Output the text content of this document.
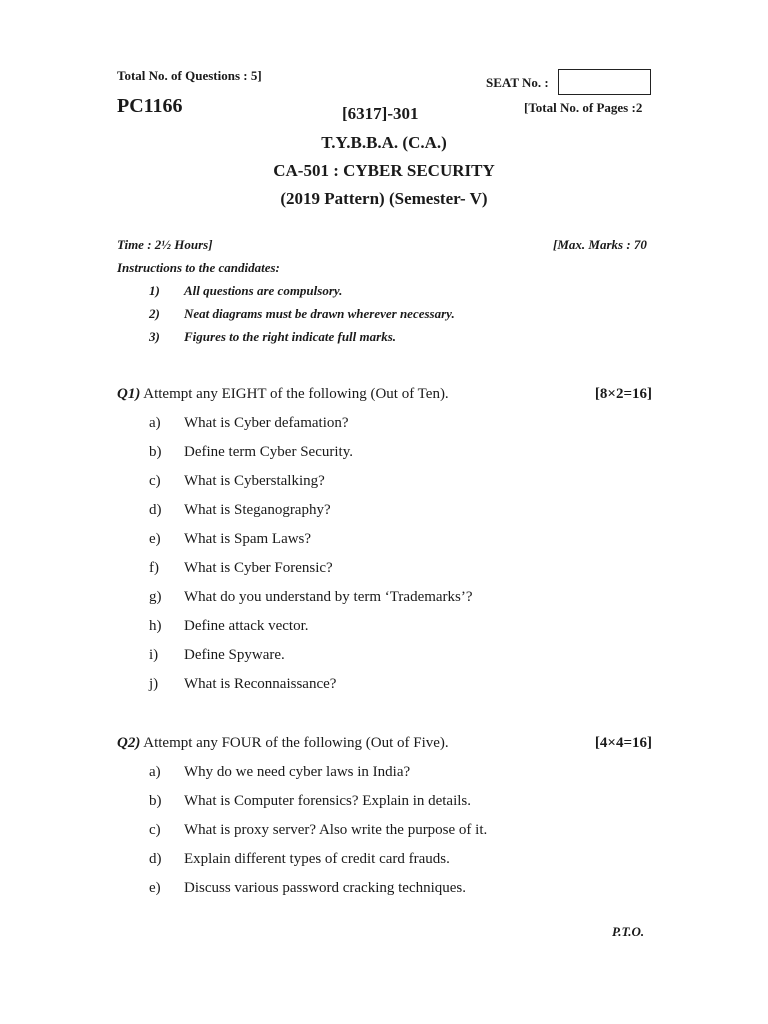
Total No. of Questions : 5]	SEAT No. :
PC1166	[6317]-301	[Total No. of Pages :2
T.Y.B.B.A. (C.A.)
CA-501 : CYBER SECURITY
(2019 Pattern) (Semester- V)
Time : 2½ Hours]	[Max. Marks : 70
Instructions to the candidates:
1) All questions are compulsory.
2) Neat diagrams must be drawn wherever necessary.
3) Figures to the right indicate full marks.
Q1) Attempt any EIGHT of the following (Out of Ten).	[8×2=16]
a) What is Cyber defamation?
b) Define term Cyber Security.
c) What is Cyberstalking?
d) What is Steganography?
e) What is Spam Laws?
f) What is Cyber Forensic?
g) What do you understand by term ‘Trademarks’?
h) Define attack vector.
i) Define Spyware.
j) What is Reconnaissance?
Q2) Attempt any FOUR of the following (Out of Five).	[4×4=16]
a) Why do we need cyber laws in India?
b) What is Computer forensics? Explain in details.
c) What is proxy server? Also write the purpose of it.
d) Explain different types of credit card frauds.
e) Discuss various password cracking techniques.
P.T.O.
